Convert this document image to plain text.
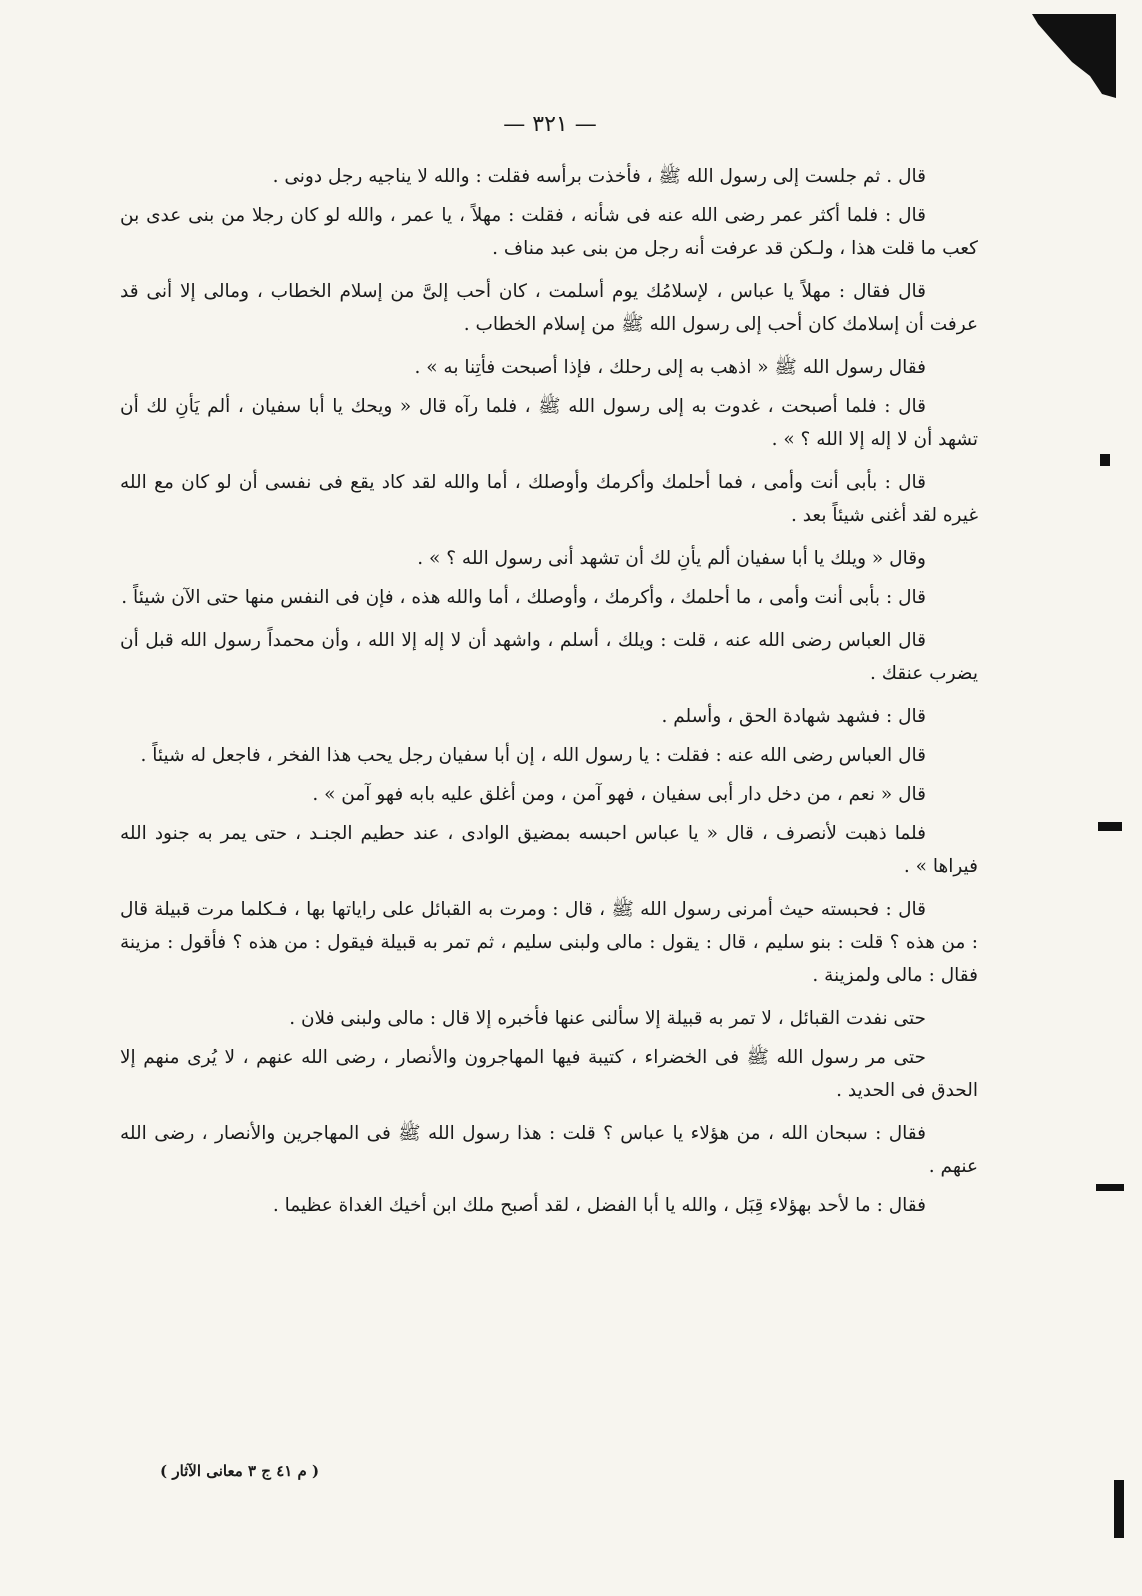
— ٣٢١ —

قال . ثم جلست إلى رسول الله ﷺ ، فأخذت برأسه فقلت : والله لا يناجيه رجل دونى .

قال : فلما أكثر عمر رضى الله عنه فى شأنه ، فقلت : مهلاً ، يا عمر ، والله لو كان رجلا من بنى عدى بن كعب ما قلت هذا ، ولـكن قد عرفت أنه رجل من بنى عبد مناف .

قال فقال : مهلاً يا عباس ، لإسلامُك يوم أسلمت ، كان أحب إلىَّ من إسلام الخطاب ، ومالى إلا أنى قد عرفت أن إسلامك كان أحب إلى رسول الله ﷺ من إسلام الخطاب .

فقال رسول الله ﷺ « اذهب به إلى رحلك ، فإذا أصبحت فأتِنا به » .

قال : فلما أصبحت ، غدوت به إلى رسول الله ﷺ ، فلما رآه قال « ويحك يا أبا سفيان ، ألم يَأنِ لك أن تشهد أن لا إله إلا الله ؟ » .

قال : بأبى أنت وأمى ، فما أحلمك وأكرمك وأوصلك ، أما والله لقد كاد يقع فى نفسى أن لو كان مع الله غيره لقد أغنى شيئاً بعد .

وقال « ويلك يا أبا سفيان ألم يأنِ لك أن تشهد أنى رسول الله ؟ » .

قال : بأبى أنت وأمى ، ما أحلمك ، وأكرمك ، وأوصلك ، أما والله هذه ، فإن فى النفس منها حتى الآن شيئاً .

قال العباس رضى الله عنه ، قلت : ويلك ، أسلم ، واشهد أن لا إله إلا الله ، وأن محمداً رسول الله قبل أن يضرب عنقك .

قال : فشهد شهادة الحق ، وأسلم .

قال العباس رضى الله عنه : فقلت : يا رسول الله ، إن أبا سفيان رجل يحب هذا الفخر ، فاجعل له شيئاً .

قال « نعم ، من دخل دار أبى سفيان ، فهو آمن ، ومن أغلق عليه بابه فهو آمن » .

فلما ذهبت لأنصرف ، قال « يا عباس احبسه بمضيق الوادى ، عند حطيم الجنـد ، حتى يمر به جنود الله فيراها » .

قال : فحبسته حيث أمرنى رسول الله ﷺ ، قال : ومرت به القبائل على راياتها بها ، فـكلما مرت قبيلة قال : من هذه ؟ قلت : بنو سليم ، قال : يقول : مالى ولبنى سليم ، ثم تمر به قبيلة فيقول : من هذه ؟ فأقول : مزينة فقال : مالى ولمزينة .

حتى نفدت القبائل ، لا تمر به قبيلة إلا سألنى عنها فأخبره إلا قال : مالى ولبنى فلان .

حتى مر رسول الله ﷺ فى الخضراء ، كتيبة فيها المهاجرون والأنصار ، رضى الله عنهم ، لا يُرى منهم إلا الحدق فى الحديد .

فقال : سبحان الله ، من هؤلاء يا عباس ؟ قلت : هذا رسول الله ﷺ فى المهاجرين والأنصار ، رضى الله عنهم .

فقال : ما لأحد بهؤلاء قِبَل ، والله يا أبا الفضل ، لقد أصبح ملك ابن أخيك الغداة عظيما .

( م ٤١ ج ٣ معانى الآثار )
